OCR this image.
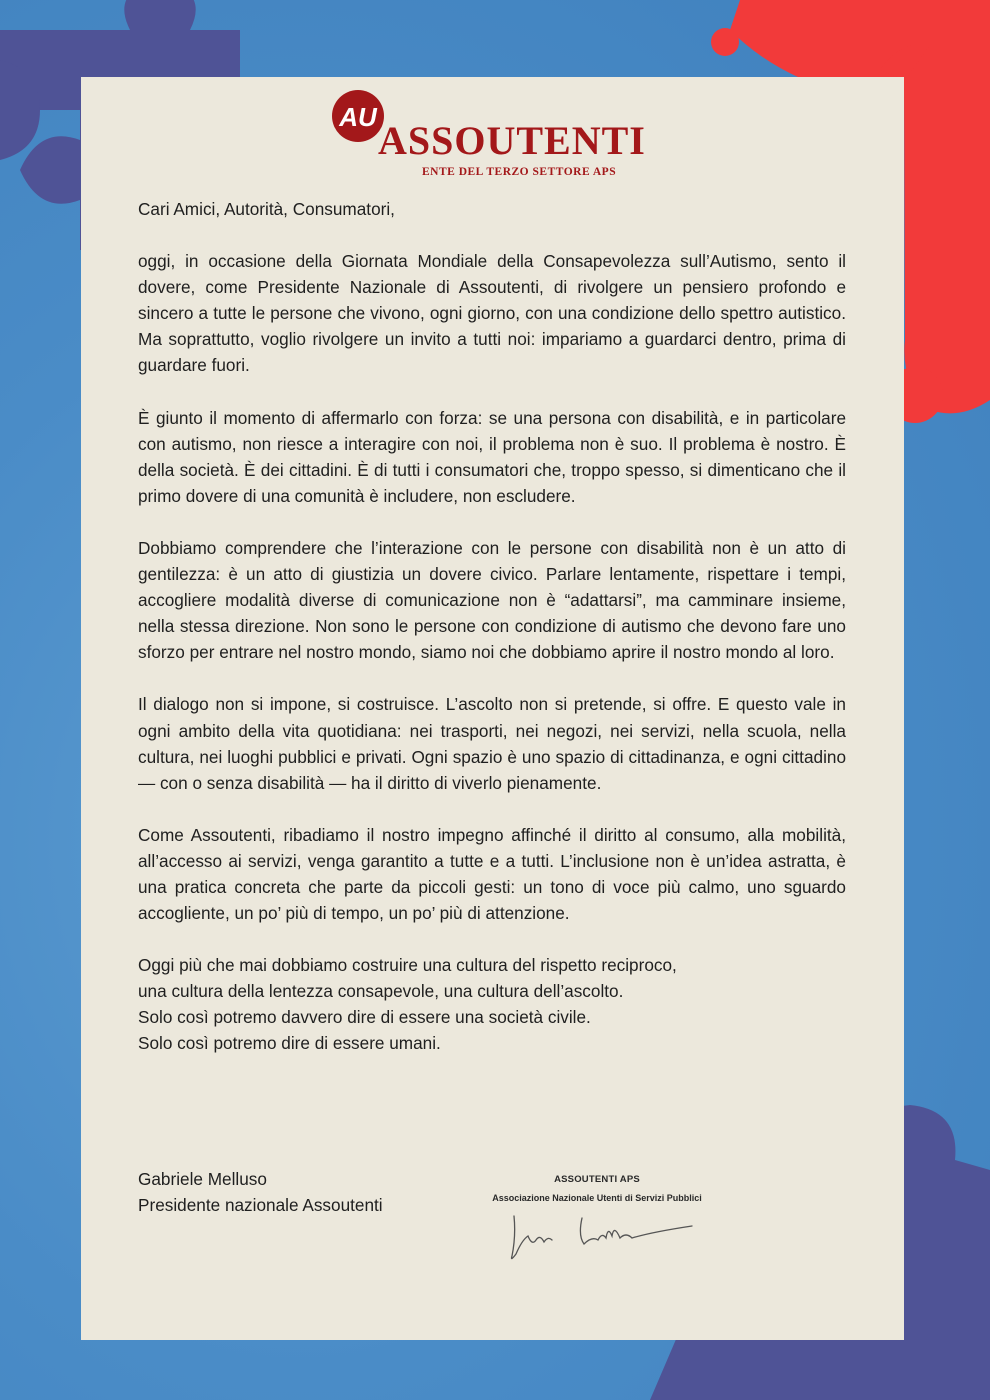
AU
ASSOUTENTI
ENTE DEL TERZO SETTORE APS

Cari Amici, Autorità, Consumatori,

oggi, in occasione della Giornata Mondiale della Consapevolezza sull’Autismo, sento il dovere, come Presidente Nazionale di Assoutenti, di rivolgere un pensiero profondo e sincero a tutte le persone che vivono, ogni giorno, con una condizione dello spettro autistico. Ma soprattutto, voglio rivolgere un invito a tutti noi: impariamo a guardarci dentro, prima di guardare fuori.

È giunto il momento di affermarlo con forza: se una persona con disabilità, e in particolare con autismo, non riesce a interagire con noi, il problema non è suo. Il problema è nostro. È della società. È dei cittadini. È di tutti i consumatori che, troppo spesso, si dimenticano che il primo dovere di una comunità è includere, non escludere.

Dobbiamo comprendere che l’interazione con le persone con disabilità non è un atto di gentilezza: è un atto di giustizia un dovere civico. Parlare lentamente, rispettare i tempi, accogliere modalità diverse di comunicazione non è “adattarsi”, ma camminare insieme, nella stessa direzione. Non sono le persone con condizione di autismo che devono fare uno sforzo per entrare nel nostro mondo, siamo noi che dobbiamo aprire il nostro mondo al loro.

Il dialogo non si impone, si costruisce. L’ascolto non si pretende, si offre. E questo vale in ogni ambito della vita quotidiana: nei trasporti, nei negozi, nei servizi, nella scuola, nella cultura, nei luoghi pubblici e privati. Ogni spazio è uno spazio di cittadinanza, e ogni cittadino — con o senza disabilità — ha il diritto di viverlo pienamente.

Come Assoutenti, ribadiamo il nostro impegno affinché il diritto al consumo, alla mobilità, all’accesso ai servizi, venga garantito a tutte e a tutti. L’inclusione non è un’idea astratta, è una pratica concreta che parte da piccoli gesti: un tono di voce più calmo, uno sguardo accogliente, un po’ più di tempo, un po’ più di attenzione.

Oggi più che mai dobbiamo costruire una cultura del rispetto reciproco,
una cultura della lentezza consapevole, una cultura dell’ascolto.
Solo così potremo davvero dire di essere una società civile.
Solo così potremo dire di essere umani.

Gabriele Melluso
Presidente nazionale Assoutenti
ASSOUTENTI APS
Associazione Nazionale Utenti di Servizi Pubblici
